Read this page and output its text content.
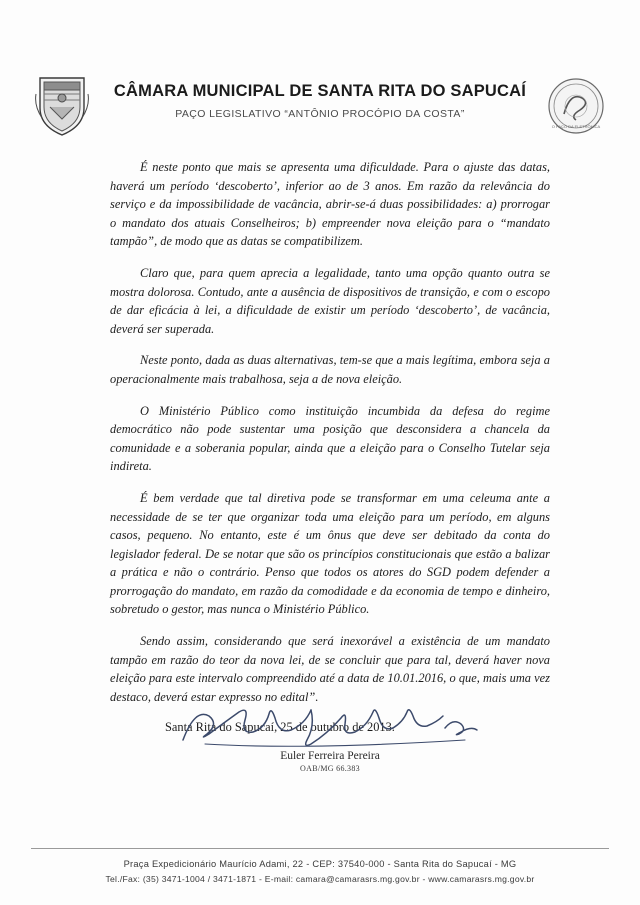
CÂMARA MUNICIPAL DE SANTA RITA DO SAPUCAÍ
PAÇO LEGISLATIVO “ANTÔNIO PROCÓPIO DA COSTA”
O PAÇO DA ELETRÔNICA

É neste ponto que mais se apresenta uma dificuldade. Para o ajuste das datas, haverá um período ‘descoberto’, inferior ao de 3 anos. Em razão da relevância do serviço e da impossibilidade de vacância, abrir-se-á duas possibilidades: a) prorrogar o mandato dos atuais Conselheiros; b) empreender nova eleição para o “mandato tampão”, de modo que as datas se compatibilizem.

Claro que, para quem aprecia a legalidade, tanto uma opção quanto outra se mostra dolorosa. Contudo, ante a ausência de dispositivos de transição, e com o escopo de dar eficácia à lei, a dificuldade de existir um período ‘descoberto’, de vacância, deverá ser superada.

Neste ponto, dada as duas alternativas, tem-se que a mais legítima, embora seja a operacionalmente mais trabalhosa, seja a de nova eleição.

O Ministério Público como instituição incumbida da defesa do regime democrático não pode sustentar uma posição que desconsidera a chancela da comunidade e a soberania popular, ainda que a eleição para o Conselho Tutelar seja indireta.

É bem verdade que tal diretiva pode se transformar em uma celeuma ante a necessidade de se ter que organizar toda uma eleição para um período, em alguns casos, pequeno. No entanto, este é um ônus que deve ser debitado da conta do legislador federal. De se notar que são os princípios constitucionais que estão a balizar a prática e não o contrário. Penso que todos os atores do SGD podem defender a prorrogação do mandato, em razão da comodidade e da economia de tempo e dinheiro, sobretudo o gestor, mas nunca o Ministério Público.

Sendo assim, considerando que será inexorável a existência de um mandato tampão em razão do teor da nova lei, de se concluir que para tal, deverá haver nova eleição para este intervalo compreendido até a data de 10.01.2016, o que, mais uma vez destaco, deverá estar expresso no edital”.

Santa Rita do Sapucaí, 25 de outubro de 2013.
Euler Ferreira Pereira
OAB/MG 66.383
Praça Expedicionário Maurício Adami, 22 - CEP: 37540-000 - Santa Rita do Sapucaí - MG
Tel./Fax: (35) 3471-1004 / 3471-1871 - E-mail: camara@camarasrs.mg.gov.br - www.camarasrs.mg.gov.br
